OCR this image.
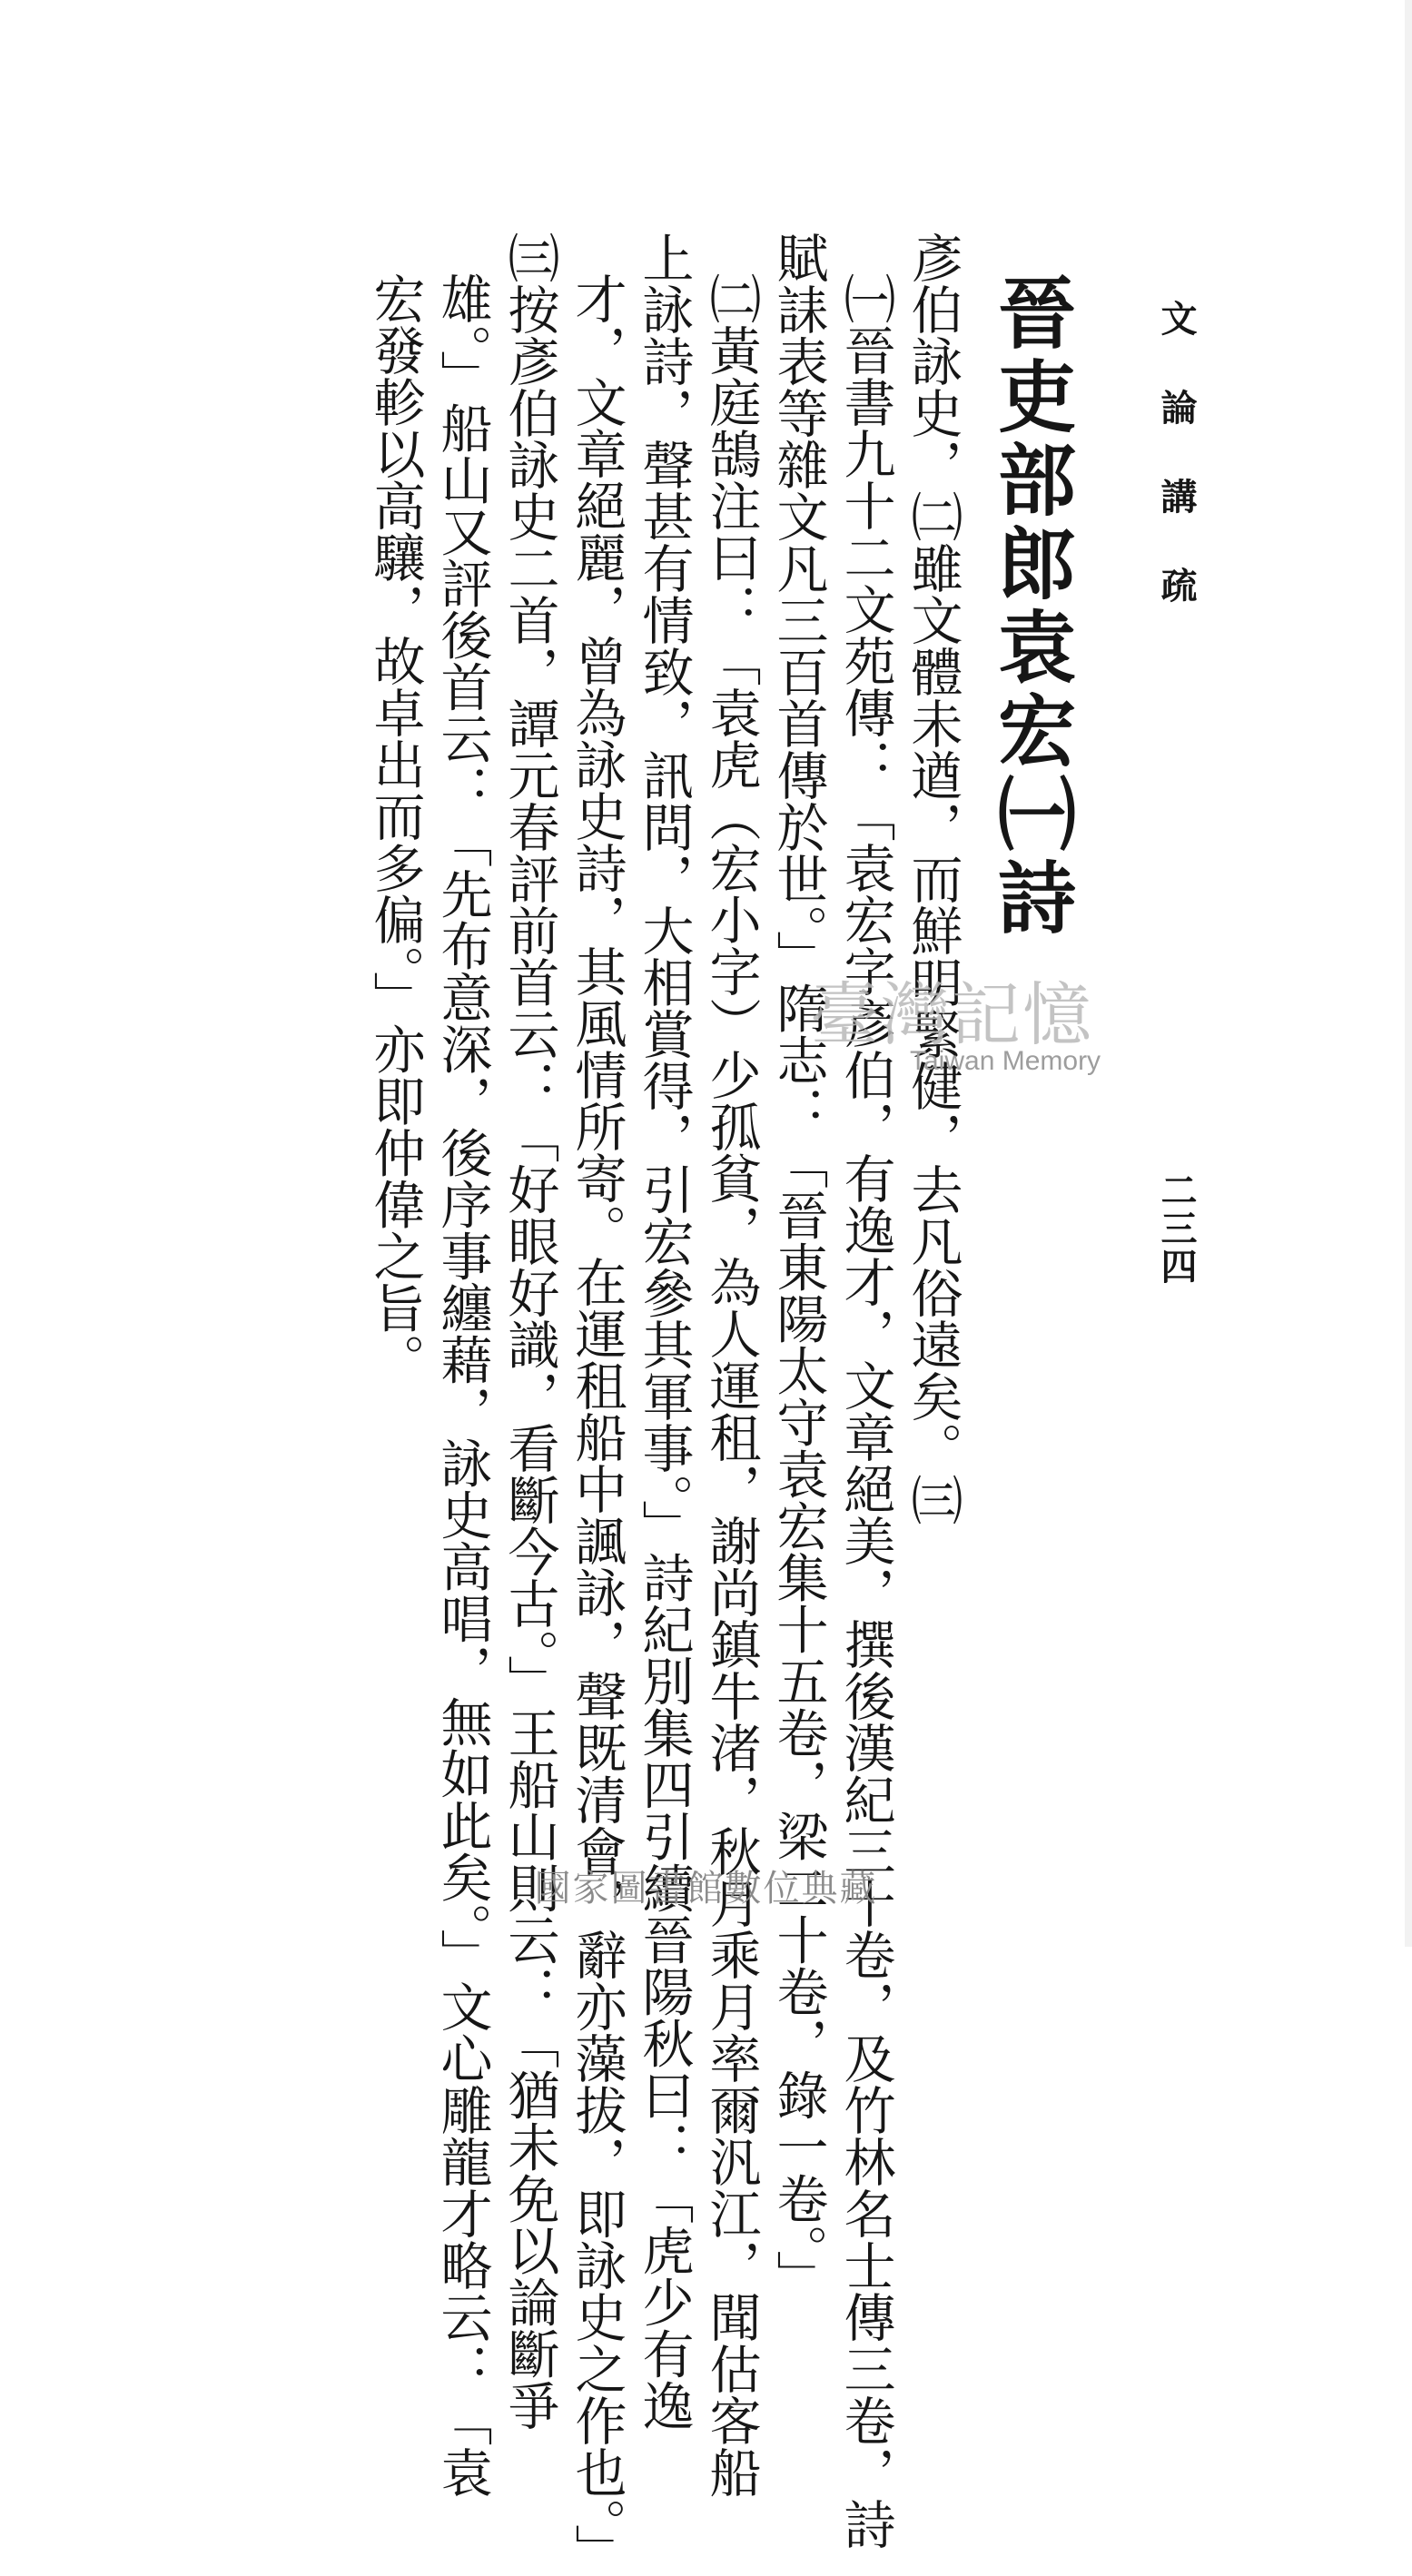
文論講疏
二三四
晉吏部郎袁宏㈠詩
彥伯詠史，㈡雖文體未遒，而鮮明緊健，去凡俗遠矣。㈢
㈠晉書九十二文苑傳：「袁宏字彥伯，有逸才，文章絕美，撰後漢紀三十卷，及竹林名士傳三卷，詩
賦誄表等雜文凡三百首傳於世。」隋志：「晉東陽太守袁宏集十五卷，梁二十卷，錄一卷。」
㈡黃庭鵠注曰：「袁虎（宏小字）少孤貧，為人運租，謝尚鎮牛渚，秋月乘月率爾汎江，聞估客船
上詠詩，聲甚有情致，訊問，大相賞得，引宏參其軍事。」詩紀別集四引續晉陽秋曰：「虎少有逸
才，文章絕麗，曾為詠史詩，其風情所寄。在運租船中諷詠，聲既清會，辭亦藻拔，即詠史之作也。」
㈢按彥伯詠史二首，譚元春評前首云：「好眼好識，看斷今古。」王船山則云：「猶未免以論斷爭
雄。」船山又評後首云：「先布意深，後序事纏藉，詠史高唱，無如此矣。」文心雕龍才略云：「袁
宏發軫以高驤，故卓出而多偏。」亦即仲偉之旨。	臺灣記憶
Taiwan Memory
國家圖書館數位典藏
